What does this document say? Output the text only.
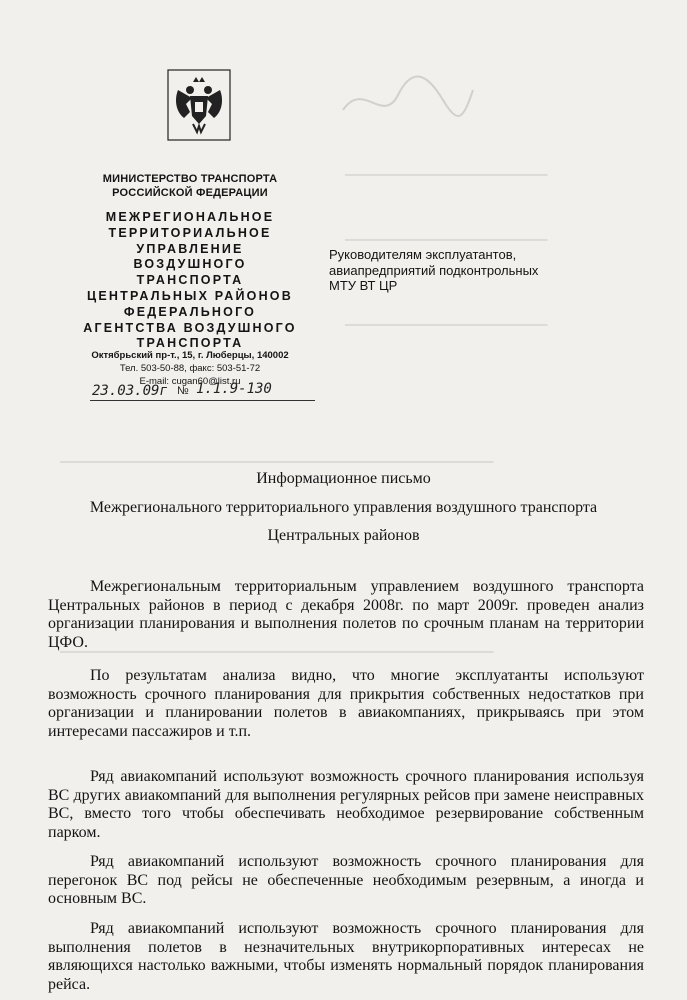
━━━━━━━━━━━━━━━━━━━━━━━━━━━━
━━━━━━━━━━━━━━━━━━━━━━━━━━━━
━━━━━━━━━━━━━━━━━━━━━━━━━━━━
━━━━━━━━━━━━━━━━━━━━━━━━━━━━━━━━━━━━━━━━━━━━━━━━━━━━━━━━━━━━
━━━━━━━━━━━━━━━━━━━━━━━━━━━━━━━━━━━━━━━━━━━━━━━━━━━━━━━━━━━━
МИНИСТЕРСТВО ТРАНСПОРТА
РОССИЙСКОЙ ФЕДЕРАЦИИ
МЕЖРЕГИОНАЛЬНОЕ
ТЕРРИТОРИАЛЬНОЕ
УПРАВЛЕНИЕ
ВОЗДУШНОГО
ТРАНСПОРТА
ЦЕНТРАЛЬНЫХ РАЙОНОВ
ФЕДЕРАЛЬНОГО
АГЕНТСТВА ВОЗДУШНОГО
ТРАНСПОРТА
Октябрьский пр-т., 15, г. Люберцы, 140002
Тел. 503-50-88, факс: 503-51-72
E-mail: cugan60@list.ru
23.03.09г № 1.1.9-130
Руководителям эксплуатантов,
авиапредприятий подконтрольных
МТУ ВТ ЦР
Информационное письмо
Межрегионального территориального управления воздушного транспорта
Центральных районов
Межрегиональным территориальным управлением воздушного транспорта Центральных районов в период с декабря 2008г. по март 2009г. проведен анализ организации планирования и выполнения полетов по срочным планам на территории ЦФО.
По результатам анализа видно, что многие эксплуатанты используют возможность срочного планирования для прикрытия собственных недостатков при организации и планировании полетов в авиакомпаниях, прикрываясь при этом интересами пассажиров и т.п.
Ряд авиакомпаний используют возможность срочного планирования используя ВС других авиакомпаний для выполнения регулярных рейсов при замене неисправных ВС, вместо того чтобы обеспечивать необходимое резервирование собственным парком.
Ряд авиакомпаний используют возможность срочного планирования для перегонок ВС под рейсы не обеспеченные необходимым резервным, а иногда и основным ВС.
Ряд авиакомпаний используют возможность срочного планирования для выполнения полетов в незначительных внутрикорпоративных интересах не являющихся настолько важными, чтобы изменять нормальный порядок планирования рейса.
